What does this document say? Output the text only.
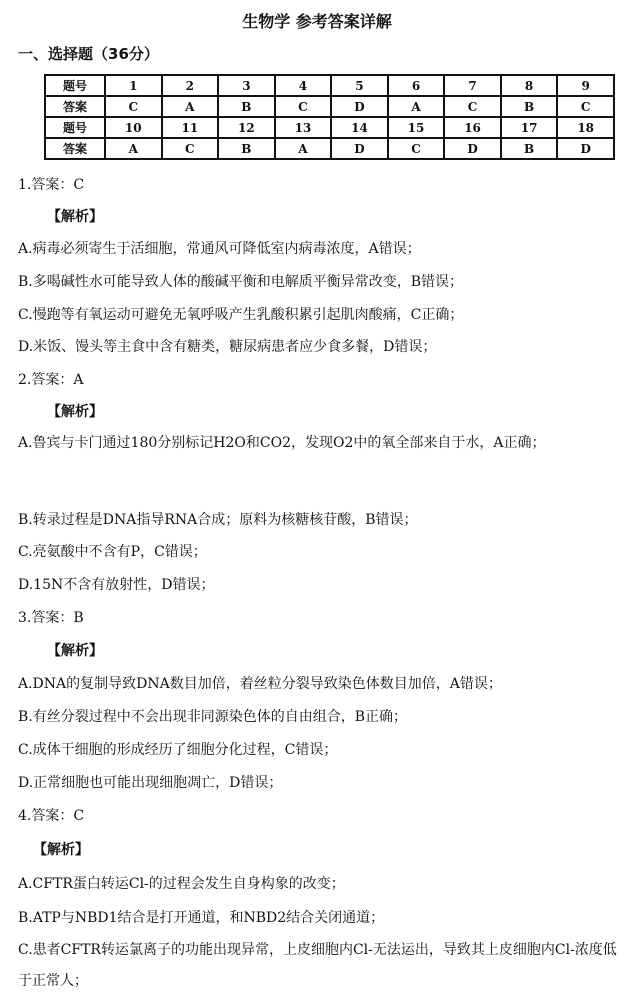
生物学 参考答案详解
一、选择题（36分）
题号	1	2	3	4	5	6	7	8	9
答案	C	A	B	C	D	A	C	B	C
题号	10	11	12	13	14	15	16	17	18
答案	A	C	B	A	D	C	D	B	D
1.答案：C
【解析】
A.病毒必须寄生于活细胞，常通风可降低室内病毒浓度，A错误；
B.多喝碱性水可能导致人体的酸碱平衡和电解质平衡异常改变，B错误；
C.慢跑等有氧运动可避免无氧呼吸产生乳酸积累引起肌肉酸痛，C正确；
D.米饭、馒头等主食中含有糖类，糖尿病患者应少食多餐，D错误；
2.答案：A
【解析】
A.鲁宾与卡门通过180分别标记H2O和CO2，发现O2中的氧全部来自于水，A正确；
B.转录过程是DNA指导RNA合成；原料为核糖核苷酸，B错误；
C.亮氨酸中不含有P，C错误；
D.15N不含有放射性，D错误；
3.答案：B
【解析】
A.DNA的复制导致DNA数目加倍，着丝粒分裂导致染色体数目加倍，A错误；
B.有丝分裂过程中不会出现非同源染色体的自由组合，B正确；
C.成体干细胞的形成经历了细胞分化过程，C错误；
D.正常细胞也可能出现细胞凋亡，D错误；
4.答案：C
【解析】
A.CFTR蛋白转运Cl-的过程会发生自身构象的改变；
B.ATP与NBD1结合是打开通道，和NBD2结合关闭通道；
C.患者CFTR转运氯离子的功能出现异常，上皮细胞内Cl-无法运出，导致其上皮细胞内Cl-浓度低于正常人；
